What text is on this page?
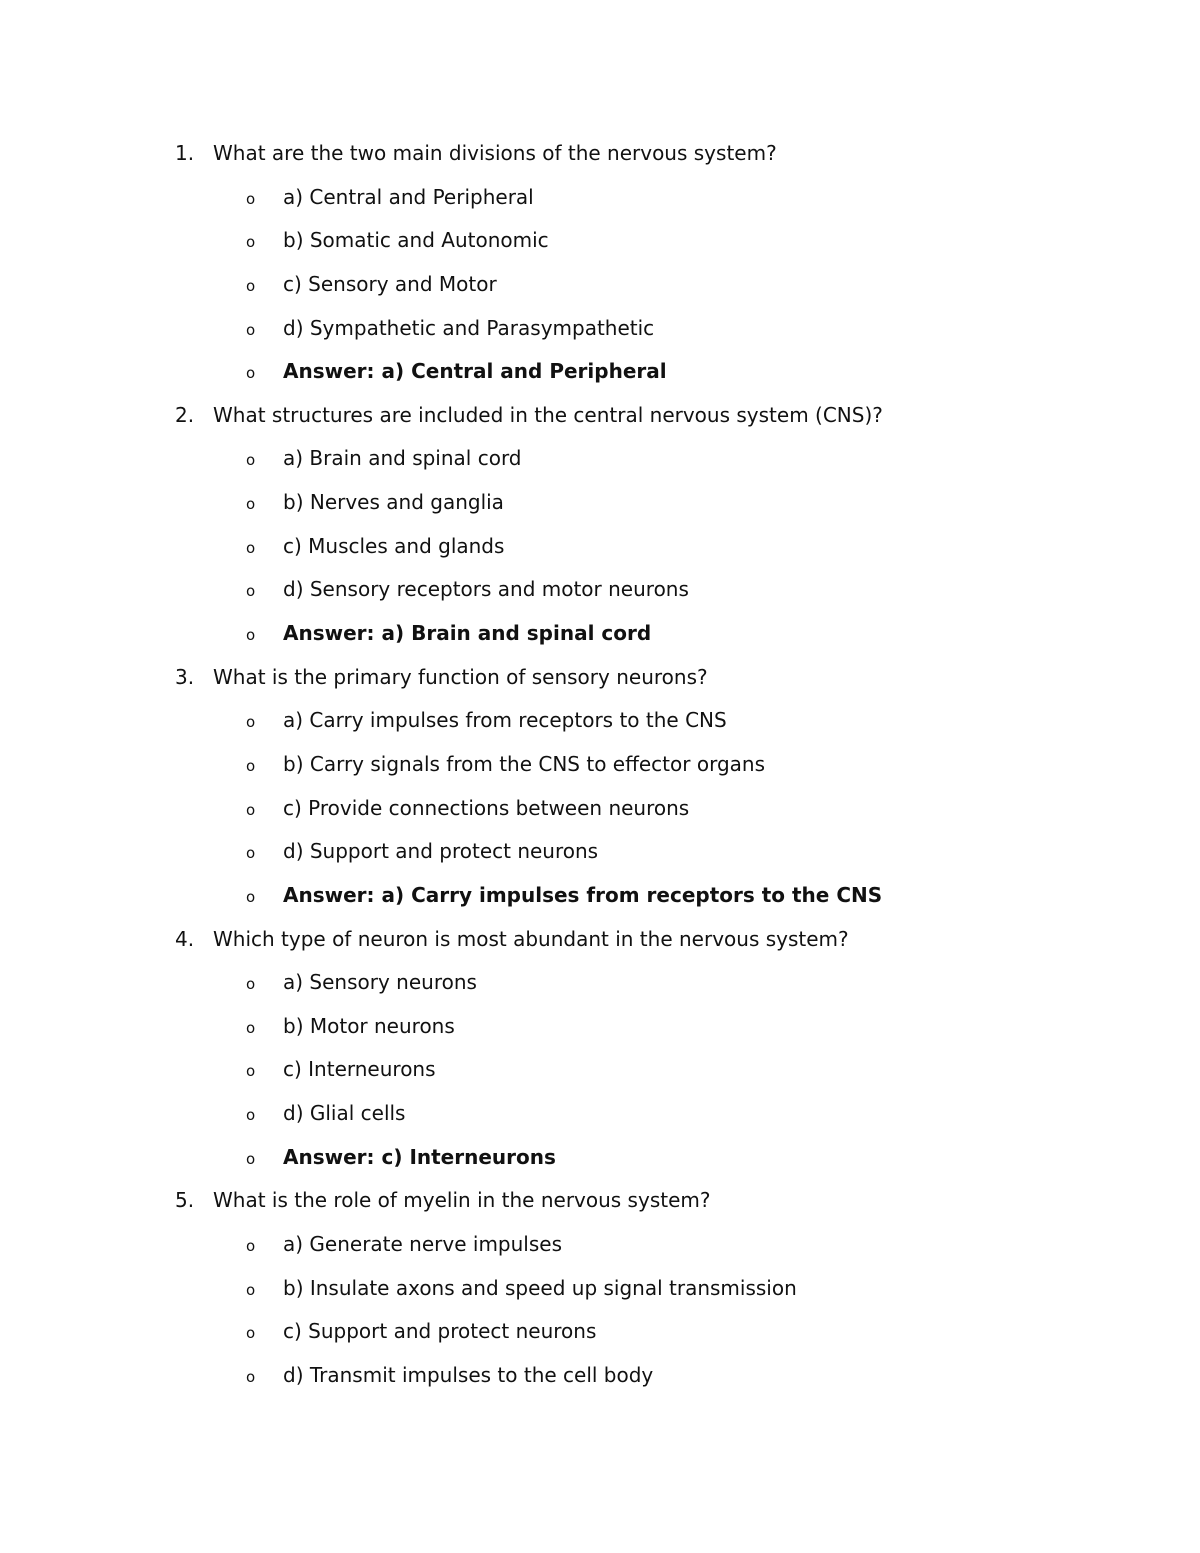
1. What are the two main divisions of the nervous system?
o a) Central and Peripheral
o b) Somatic and Autonomic
o c) Sensory and Motor
o d) Sympathetic and Parasympathetic
o Answer: a) Central and Peripheral
2. What structures are included in the central nervous system (CNS)?
o a) Brain and spinal cord
o b) Nerves and ganglia
o c) Muscles and glands
o d) Sensory receptors and motor neurons
o Answer: a) Brain and spinal cord
3. What is the primary function of sensory neurons?
o a) Carry impulses from receptors to the CNS
o b) Carry signals from the CNS to effector organs
o c) Provide connections between neurons
o d) Support and protect neurons
o Answer: a) Carry impulses from receptors to the CNS
4. Which type of neuron is most abundant in the nervous system?
o a) Sensory neurons
o b) Motor neurons
o c) Interneurons
o d) Glial cells
o Answer: c) Interneurons
5. What is the role of myelin in the nervous system?
o a) Generate nerve impulses
o b) Insulate axons and speed up signal transmission
o c) Support and protect neurons
o d) Transmit impulses to the cell body
